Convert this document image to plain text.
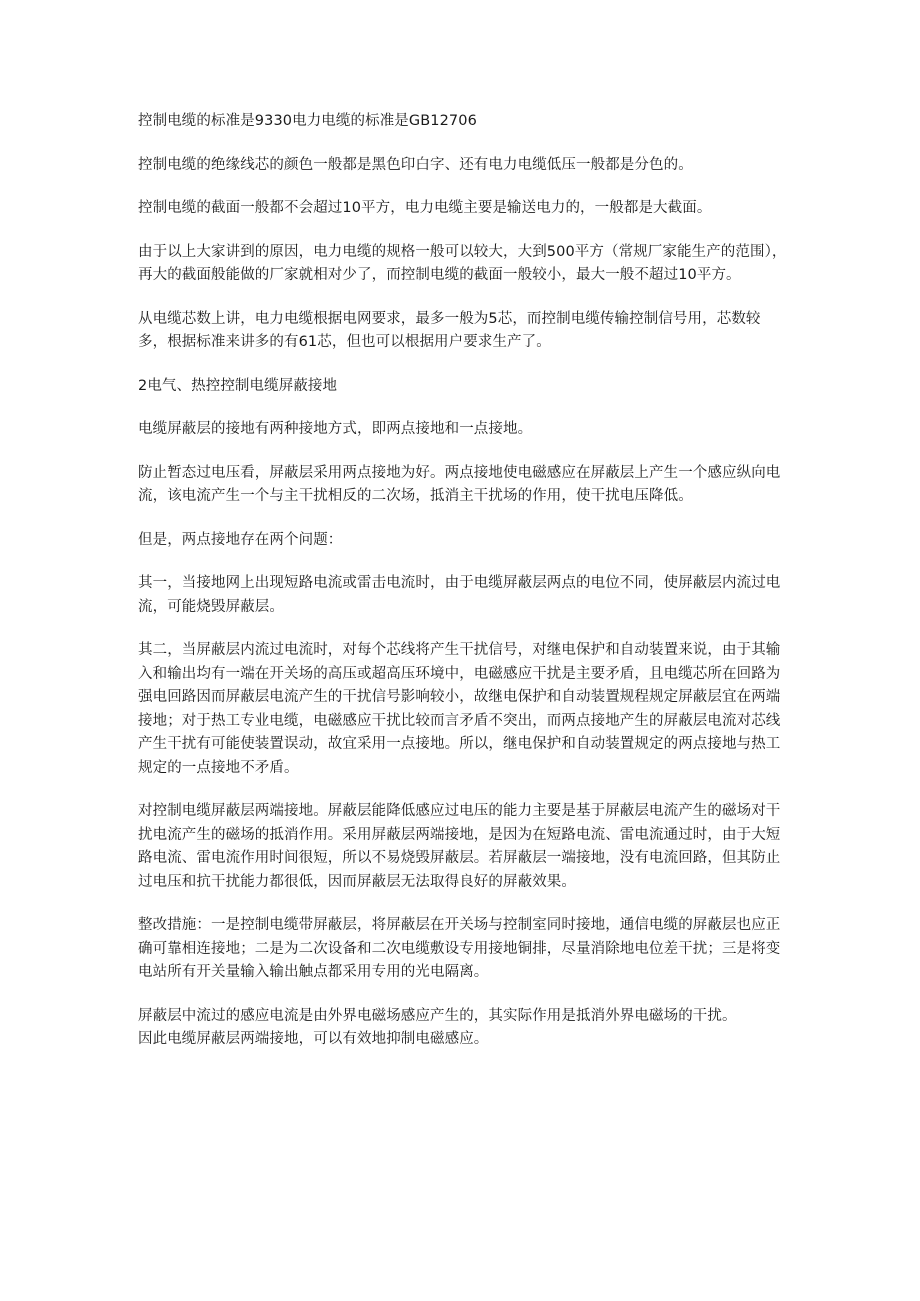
控制电缆的标准是9330电力电缆的标准是GB12706

控制电缆的绝缘线芯的颜色一般都是黑色印白字、还有电力电缆低压一般都是分色的。

控制电缆的截面一般都不会超过10平方，电力电缆主要是输送电力的，一般都是大截面。

由于以上大家讲到的原因，电力电缆的规格一般可以较大，大到500平方（常规厂家能生产的范围），再大的截面般能做的厂家就相对少了，而控制电缆的截面一般较小，最大一般不超过10平方。

从电缆芯数上讲，电力电缆根据电网要求，最多一般为5芯，而控制电缆传输控制信号用，芯数较多，根据标准来讲多的有61芯，但也可以根据用户要求生产了。

2电气、热控控制电缆屏蔽接地

电缆屏蔽层的接地有两种接地方式，即两点接地和一点接地。

防止暂态过电压看，屏蔽层采用两点接地为好。两点接地使电磁感应在屏蔽层上产生一个感应纵向电流，该电流产生一个与主干扰相反的二次场，抵消主干扰场的作用，使干扰电压降低。

但是，两点接地存在两个问题：

其一，当接地网上出现短路电流或雷击电流时，由于电缆屏蔽层两点的电位不同，使屏蔽层内流过电流，可能烧毁屏蔽层。

其二，当屏蔽层内流过电流时，对每个芯线将产生干扰信号，对继电保护和自动装置来说，由于其输入和输出均有一端在开关场的高压或超高压环境中，电磁感应干扰是主要矛盾，且电缆芯所在回路为强电回路因而屏蔽层电流产生的干扰信号影响较小，故继电保护和自动装置规程规定屏蔽层宜在两端接地；对于热工专业电缆，电磁感应干扰比较而言矛盾不突出，而两点接地产生的屏蔽层电流对芯线产生干扰有可能使装置误动，故宜采用一点接地。所以，继电保护和自动装置规定的两点接地与热工规定的一点接地不矛盾。

对控制电缆屏蔽层两端接地。屏蔽层能降低感应过电压的能力主要是基于屏蔽层电流产生的磁场对干扰电流产生的磁场的抵消作用。采用屏蔽层两端接地，是因为在短路电流、雷电流通过时，由于大短路电流、雷电流作用时间很短，所以不易烧毁屏蔽层。若屏蔽层一端接地，没有电流回路，但其防止过电压和抗干扰能力都很低，因而屏蔽层无法取得良好的屏蔽效果。

整改措施：一是控制电缆带屏蔽层，将屏蔽层在开关场与控制室同时接地，通信电缆的屏蔽层也应正确可靠相连接地；二是为二次设备和二次电缆敷设专用接地铜排，尽量消除地电位差干扰；三是将变电站所有开关量输入输出触点都采用专用的光电隔离。

屏蔽层中流过的感应电流是由外界电磁场感应产生的，其实际作用是抵消外界电磁场的干扰。

因此电缆屏蔽层两端接地，可以有效地抑制电磁感应。
